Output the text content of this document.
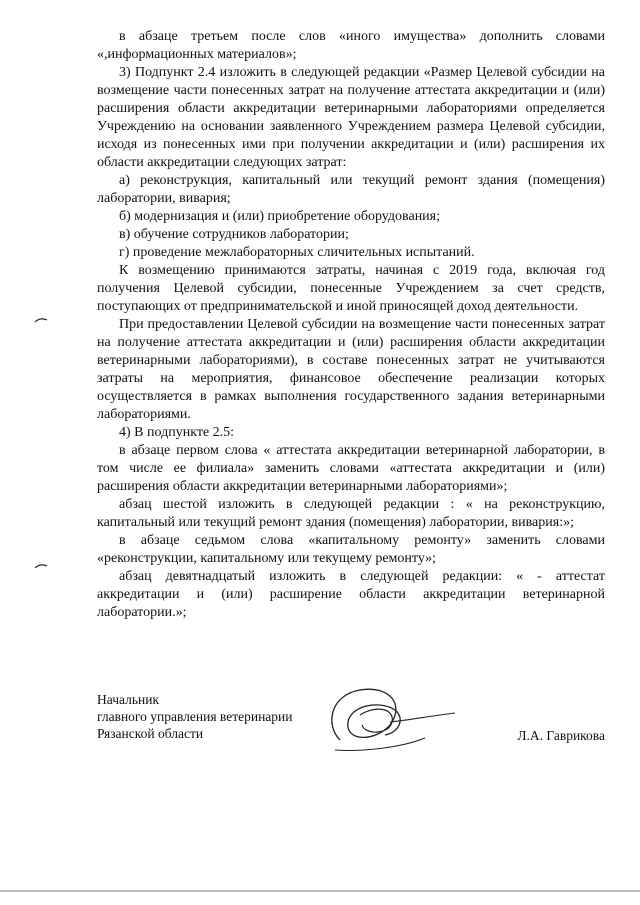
в абзаце третьем после слов «иного имущества» дополнить словами «,информационных материалов»;

3) Подпункт 2.4 изложить в следующей редакции «Размер Целевой субсидии на возмещение части понесенных затрат на получение аттестата аккредитации и (или) расширения области аккредитации ветеринарными лабораториями определяется Учреждению на основании заявленного Учреждением размера Целевой субсидии, исходя из понесенных ими при получении аккредитации и (или) расширения их области аккредитации следующих затрат:

а) реконструкция, капитальный или текущий ремонт здания (помещения) лаборатории, вивария;

б) модернизация и (или) приобретение оборудования;

в) обучение сотрудников лаборатории;

г) проведение межлабораторных сличительных испытаний.

К возмещению принимаются затраты, начиная с 2019 года, включая год получения Целевой субсидии, понесенные Учреждением за счет средств, поступающих от предпринимательской и иной приносящей доход деятельности.

При предоставлении Целевой субсидии на возмещение части понесенных затрат на получение аттестата аккредитации и (или) расширения области аккредитации ветеринарными лабораториями), в составе понесенных затрат не учитываются затраты на мероприятия, финансовое обеспечение реализации которых осуществляется в рамках выполнения государственного задания ветеринарными лабораториями.

4) В подпункте 2.5:

в абзаце первом слова « аттестата аккредитации ветеринарной лаборатории, в том числе ее филиала» заменить словами «аттестата аккредитации и (или) расширения области аккредитации ветеринарными лабораториями»;

абзац шестой изложить в следующей редакции : « на реконструкцию, капитальный или текущий ремонт здания (помещения) лаборатории, вивария:»;

в абзаце седьмом слова «капитальному ремонту» заменить словами «реконструкции, капитальному или текущему ремонту»;

абзац девятнадцатый изложить в следующей редакции: « - аттестат аккредитации и (или) расширение области аккредитации ветеринарной лаборатории.»;

Начальник
главного управления ветеринарии
Рязанской области	Л.А. Гаврикова
